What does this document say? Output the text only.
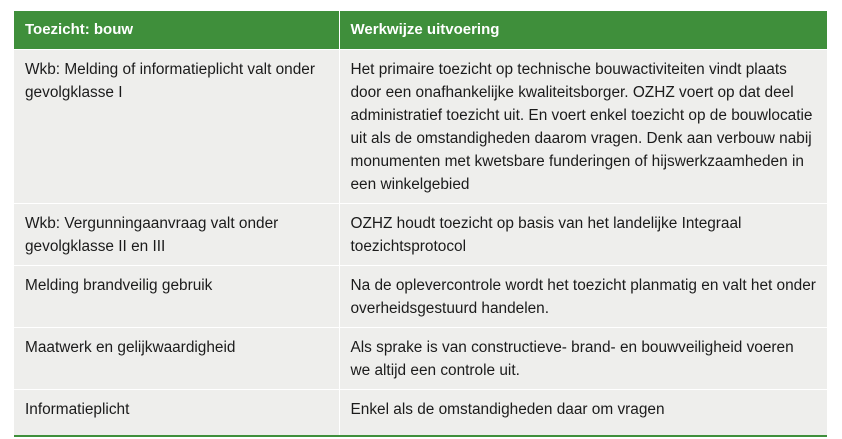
Toezicht: bouw	Werkwijze uitvoering
Wkb: Melding of informatieplicht valt onder gevolgklasse I	Het primaire toezicht op technische bouwactiviteiten vindt plaats door een onafhankelijke kwaliteitsborger. OZHZ voert op dat deel administratief toezicht uit. En voert enkel toezicht op de bouwlocatie uit als de omstandigheden daarom vragen. Denk aan verbouw nabij monumenten met kwetsbare funderingen of hijswerkzaamheden in een winkelgebied
Wkb: Vergunningaanvraag valt onder gevolgklasse II en III	OZHZ houdt toezicht op basis van het landelijke Integraal toezichtsprotocol
Melding brandveilig gebruik	Na de oplevercontrole wordt het toezicht planmatig en valt het onder overheidsgestuurd handelen.
Maatwerk en gelijkwaardigheid	Als sprake is van constructieve- brand- en bouwveiligheid voeren we altijd een controle uit.
Informatieplicht	Enkel als de omstandigheden daar om vragen
